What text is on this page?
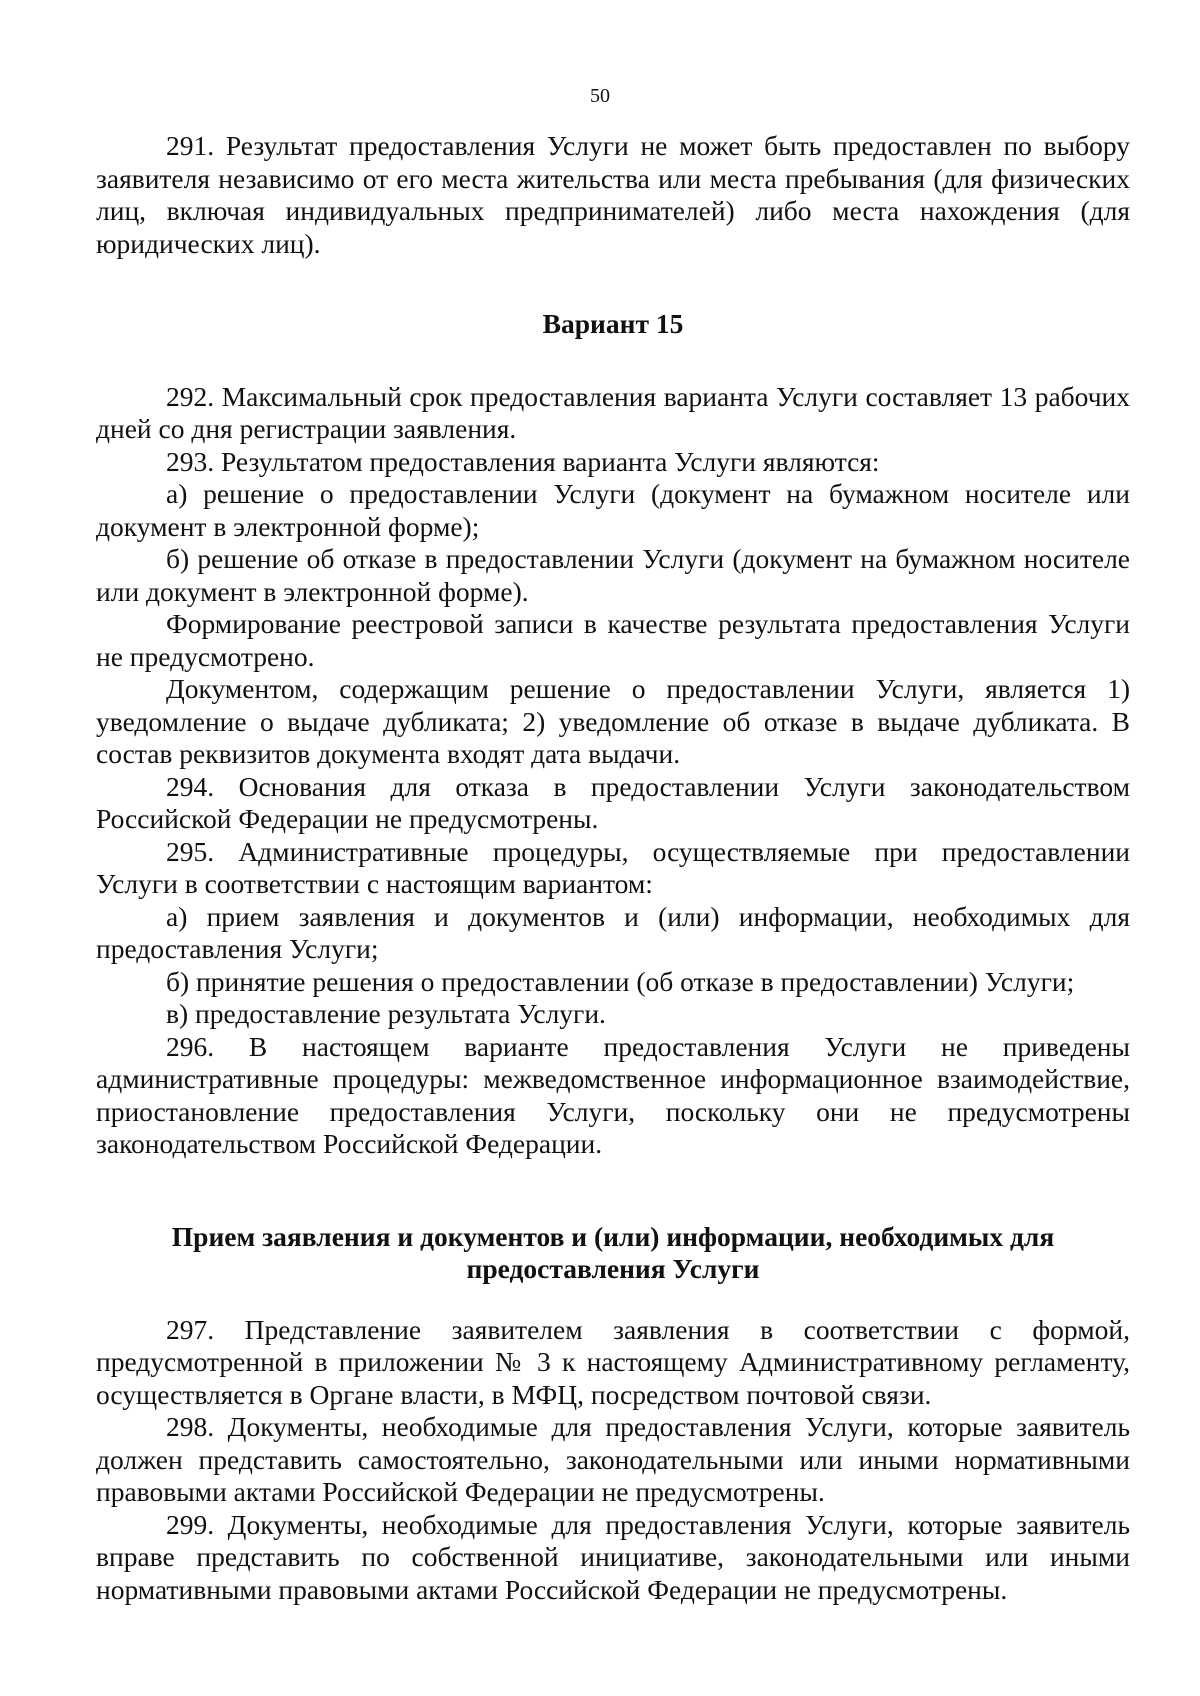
50

291. Результат предоставления Услуги не может быть предоставлен по выбору заявителя независимо от его места жительства или места пребывания (для физических лиц, включая индивидуальных предпринимателей) либо места нахождения (для юридических лиц).

Вариант 15

292. Максимальный срок предоставления варианта Услуги составляет 13 рабочих дней со дня регистрации заявления.

293. Результатом предоставления варианта Услуги являются:

а) решение о предоставлении Услуги (документ на бумажном носителе или документ в электронной форме);

б) решение об отказе в предоставлении Услуги (документ на бумажном носителе или документ в электронной форме).

Формирование реестровой записи в качестве результата предоставления Услуги не предусмотрено.

Документом, содержащим решение о предоставлении Услуги, является 1) уведомление о выдаче дубликата; 2) уведомление об отказе в выдаче дубликата. В состав реквизитов документа входят дата выдачи.

294. Основания для отказа в предоставлении Услуги законодательством Российской Федерации не предусмотрены.

295. Административные процедуры, осуществляемые при предоставлении Услуги в соответствии с настоящим вариантом:

а) прием заявления и документов и (или) информации, необходимых для предоставления Услуги;

б) принятие решения о предоставлении (об отказе в предоставлении) Услуги;

в) предоставление результата Услуги.

296. В настоящем варианте предоставления Услуги не приведены административные процедуры: межведомственное информационное взаимодействие, приостановление предоставления Услуги, поскольку они не предусмотрены законодательством Российской Федерации.

Прием заявления и документов и (или) информации, необходимых для предоставления Услуги

297. Представление заявителем заявления в соответствии с формой, предусмотренной в приложении № 3 к настоящему Административному регламенту, осуществляется в Органе власти, в МФЦ, посредством почтовой связи.

298. Документы, необходимые для предоставления Услуги, которые заявитель должен представить самостоятельно, законодательными или иными нормативными правовыми актами Российской Федерации не предусмотрены.

299. Документы, необходимые для предоставления Услуги, которые заявитель вправе представить по собственной инициативе, законодательными или иными нормативными правовыми актами Российской Федерации не предусмотрены.
